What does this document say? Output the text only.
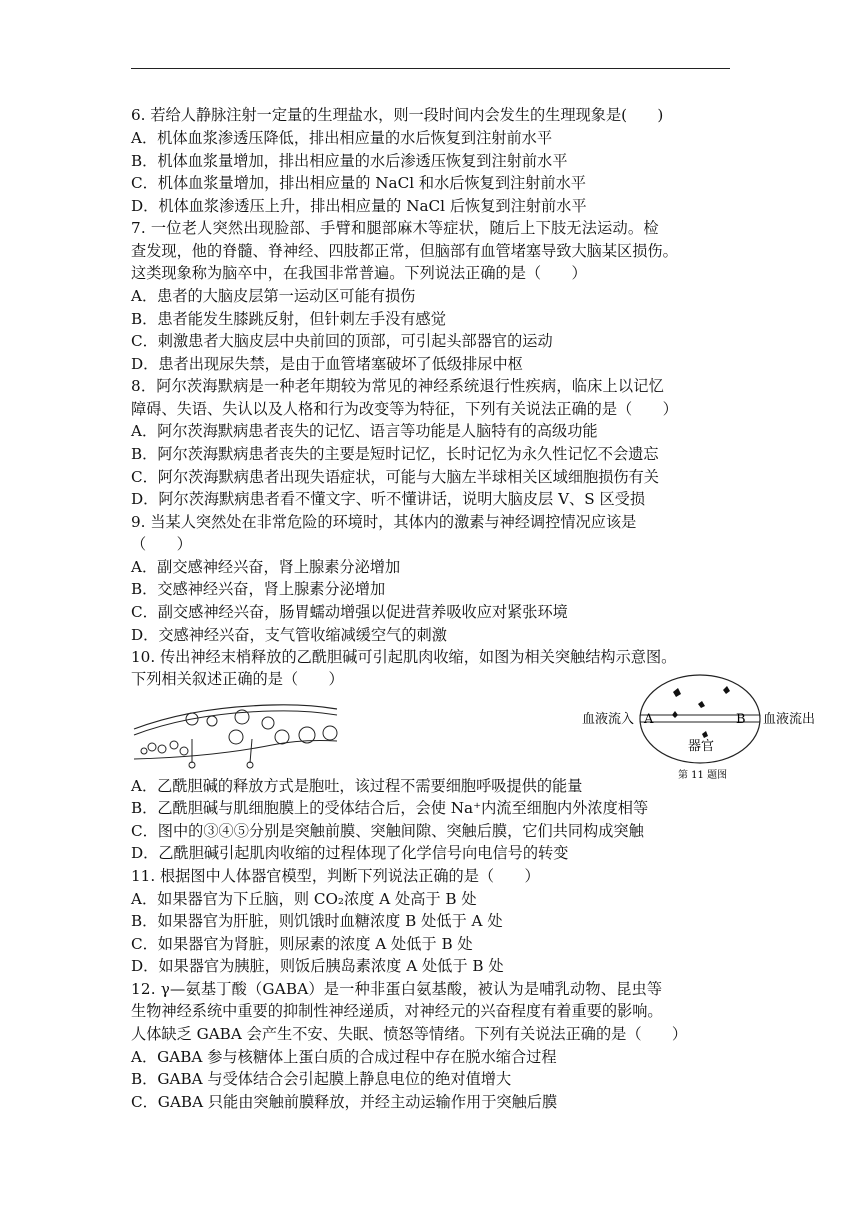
6. 若给人静脉注射一定量的生理盐水，则一段时间内会发生的生理现象是(　　)
A．机体血浆渗透压降低，排出相应量的水后恢复到注射前水平
B．机体血浆量增加，排出相应量的水后渗透压恢复到注射前水平
C．机体血浆量增加，排出相应量的 NaCl 和水后恢复到注射前水平
D．机体血浆渗透压上升，排出相应量的 NaCl 后恢复到注射前水平
7. 一位老人突然出现脸部、手臂和腿部麻木等症状，随后上下肢无法运动。检
查发现，他的脊髓、脊神经、四肢都正常，但脑部有血管堵塞导致大脑某区损伤。
这类现象称为脑卒中，在我国非常普遍。下列说法正确的是（　　）
A．患者的大脑皮层第一运动区可能有损伤
B．患者能发生膝跳反射，但针刺左手没有感觉
C．刺激患者大脑皮层中央前回的顶部，可引起头部器官的运动
D．患者出现尿失禁，是由于血管堵塞破坏了低级排尿中枢
8．阿尔茨海默病是一种老年期较为常见的神经系统退行性疾病，临床上以记忆
障碍、失语、失认以及人格和行为改变等为特征，下列有关说法正确的是（　　）
A．阿尔茨海默病患者丧失的记忆、语言等功能是人脑特有的高级功能
B．阿尔茨海默病患者丧失的主要是短时记忆，长时记忆为永久性记忆不会遗忘
C．阿尔茨海默病患者出现失语症状，可能与大脑左半球相关区域细胞损伤有关
D．阿尔茨海默病患者看不懂文字、听不懂讲话，说明大脑皮层 V、S 区受损
9. 当某人突然处在非常危险的环境时，其体内的激素与神经调控情况应该是
（　　）
A．副交感神经兴奋，肾上腺素分泌增加
B．交感神经兴奋，肾上腺素分泌增加
C．副交感神经兴奋，肠胃蠕动增强以促进营养吸收应对紧张环境
D．交感神经兴奋，支气管收缩减缓空气的刺激
10. 传出神经末梢释放的乙酰胆碱可引起肌肉收缩，如图为相关突触结构示意图。
下列相关叙述正确的是（　　）
血液流入 A	B 血液流出
器官
第 11 题图
A．乙酰胆碱的释放方式是胞吐，该过程不需要细胞呼吸提供的能量
B．乙酰胆碱与肌细胞膜上的受体结合后，会使 Na⁺内流至细胞内外浓度相等
C．图中的③④⑤分别是突触前膜、突触间隙、突触后膜，它们共同构成突触
D．乙酰胆碱引起肌肉收缩的过程体现了化学信号向电信号的转变
11. 根据图中人体器官模型，判断下列说法正确的是（　　）
A．如果器官为下丘脑，则 CO₂浓度 A 处高于 B 处
B．如果器官为肝脏，则饥饿时血糖浓度 B 处低于 A 处
C．如果器官为肾脏，则尿素的浓度 A 处低于 B 处
D．如果器官为胰脏，则饭后胰岛素浓度 A 处低于 B 处
12. γ—氨基丁酸（GABA）是一种非蛋白氨基酸，被认为是哺乳动物、昆虫等
生物神经系统中重要的抑制性神经递质，对神经元的兴奋程度有着重要的影响。
人体缺乏 GABA 会产生不安、失眠、愤怒等情绪。下列有关说法正确的是（　　）
A．GABA 参与核糖体上蛋白质的合成过程中存在脱水缩合过程
B．GABA 与受体结合会引起膜上静息电位的绝对值增大
C．GABA 只能由突触前膜释放，并经主动运输作用于突触后膜
